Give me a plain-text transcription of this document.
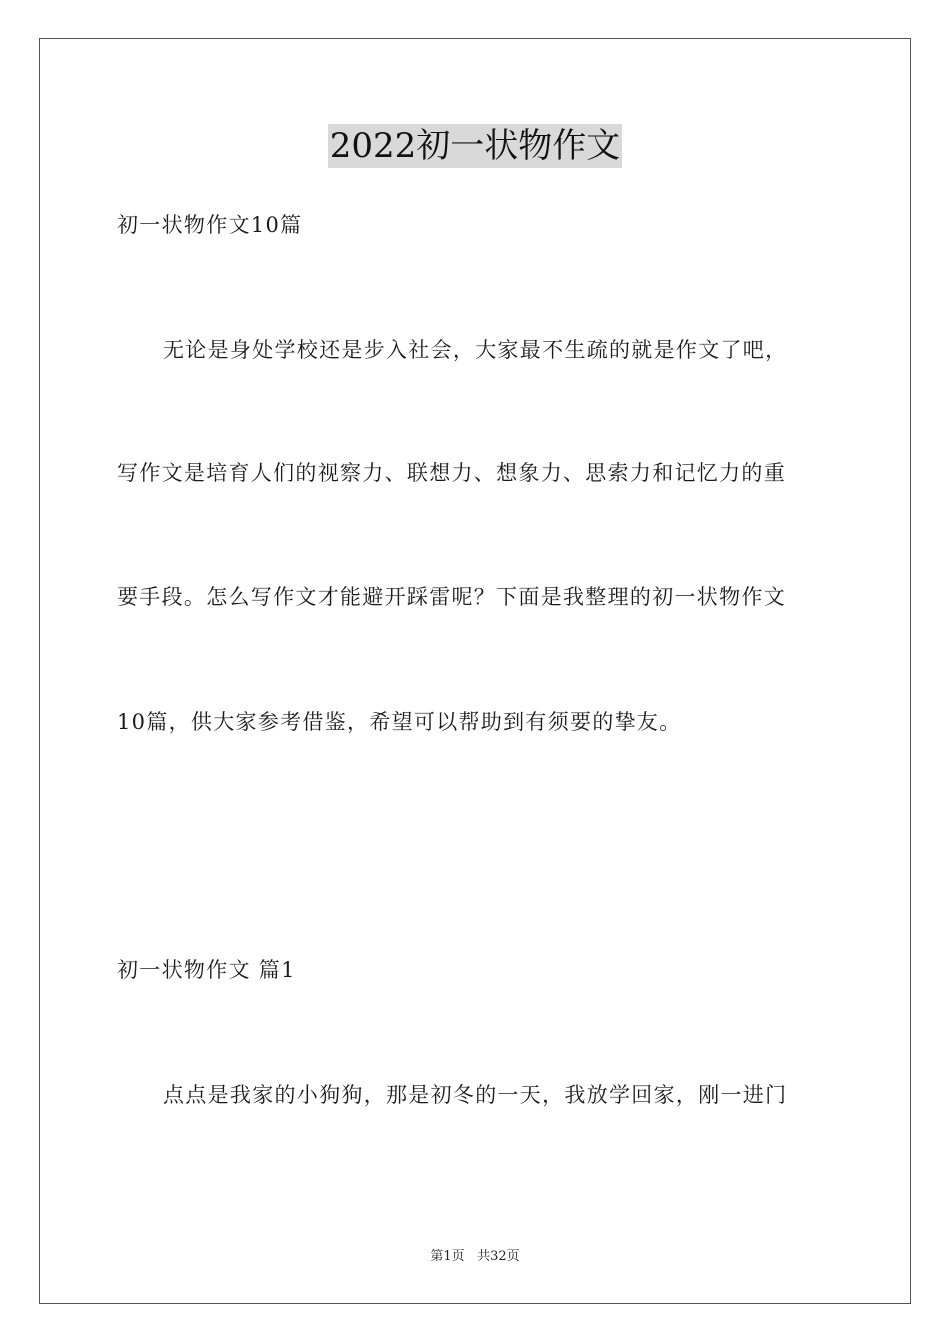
2022初一状物作文
初一状物作文10篇
无论是身处学校还是步入社会，大家最不生疏的就是作文了吧，
写作文是培育人们的视察力、联想力、想象力、思索力和记忆力的重
要手段。怎么写作文才能避开踩雷呢？下面是我整理的初一状物作文
10篇，供大家参考借鉴，希望可以帮助到有须要的挚友。
初一状物作文 篇1
点点是我家的小狗狗，那是初冬的一天，我放学回家，刚一进门
第1页 共32页
